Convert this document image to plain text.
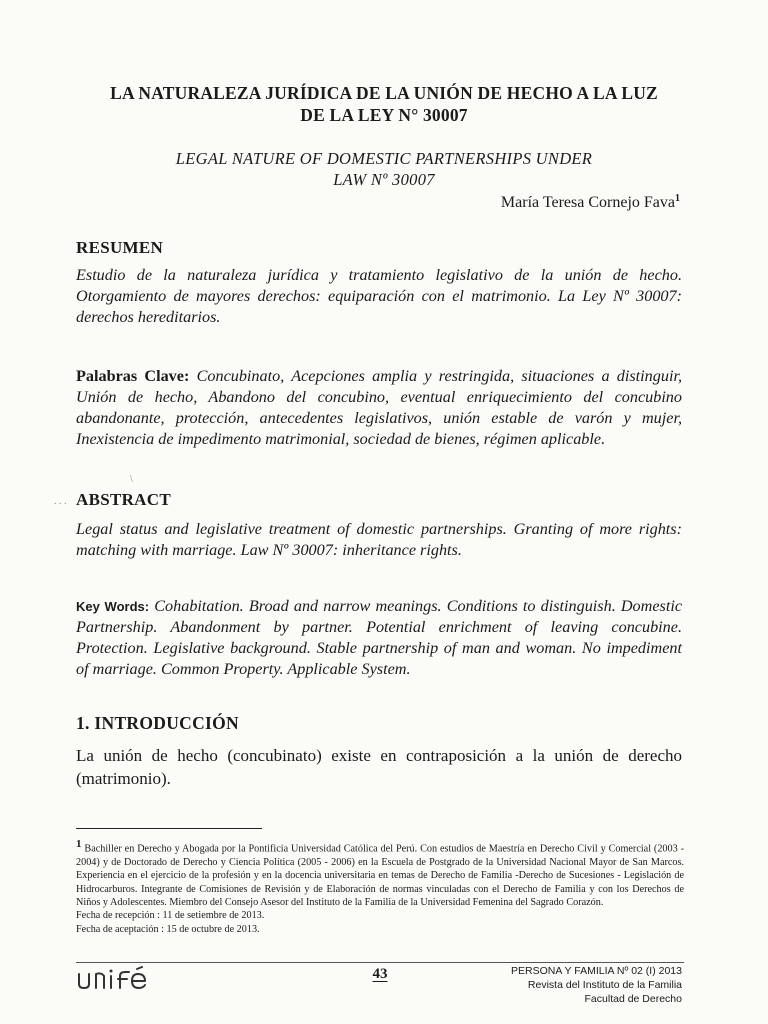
LA NATURALEZA JURÍDICA DE LA UNIÓN DE HECHO A LA LUZ
DE LA LEY N° 30007
LEGAL NATURE OF DOMESTIC PARTNERSHIPS UNDER
LAW Nº 30007
María Teresa Cornejo Fava$^1$
RESUMEN
Estudio de la naturaleza jurídica y tratamiento legislativo de la unión de hecho. Otorgamiento de mayores derechos: equiparación con el matrimonio. La Ley Nº 30007: derechos hereditarios.
Palabras Clave: Concubinato, Acepciones amplia y restringida, situaciones a distinguir, Unión de hecho, Abandono del concubino, eventual enriquecimiento del concubino abandonante, protección, antecedentes legislativos, unión estable de varón y mujer, Inexistencia de impedimento matrimonial, sociedad de bienes, régimen aplicable.
\
. . . ABSTRACT
Legal status and legislative treatment of domestic partnerships. Granting of more rights: matching with marriage. Law Nº 30007: inheritance rights.
Key Words: Cohabitation. Broad and narrow meanings. Conditions to distinguish. Domestic Partnership. Abandonment by partner. Potential enrichment of leaving concubine. Protection. Legislative background. Stable partnership of man and woman. No impediment of marriage. Common Property. Applicable System.
1. INTRODUCCIÓN
La unión de hecho (concubinato) existe en contraposición a la unión de derecho (matrimonio).
$^1$ Bachiller en Derecho y Abogada por la Pontificia Universidad Católica del Perú. Con estudios de Maestría en Derecho Civil y Comercial (2003 - 2004) y de Doctorado de Derecho y Ciencia Política (2005 - 2006) en la Escuela de Postgrado de la Universidad Nacional Mayor de San Marcos. Experiencia en el ejercicio de la profesión y en la docencia universitaria en temas de Derecho de Familia -Derecho de Sucesiones - Legislación de Hidrocarburos. Integrante de Comisiones de Revisión y de Elaboración de normas vinculadas con el Derecho de Familia y con los Derechos de Niños y Adolescentes. Miembro del Consejo Asesor del Instituto de la Familia de la Universidad Femenina del Sagrado Corazón.
Fecha de recepción : 11 de setiembre de 2013.
Fecha de aceptación : 15 de octubre de 2013.
43	PERSONA Y FAMILIA Nº 02 (I) 2013
Revista del Instituto de la Familia
Facultad de Derecho
